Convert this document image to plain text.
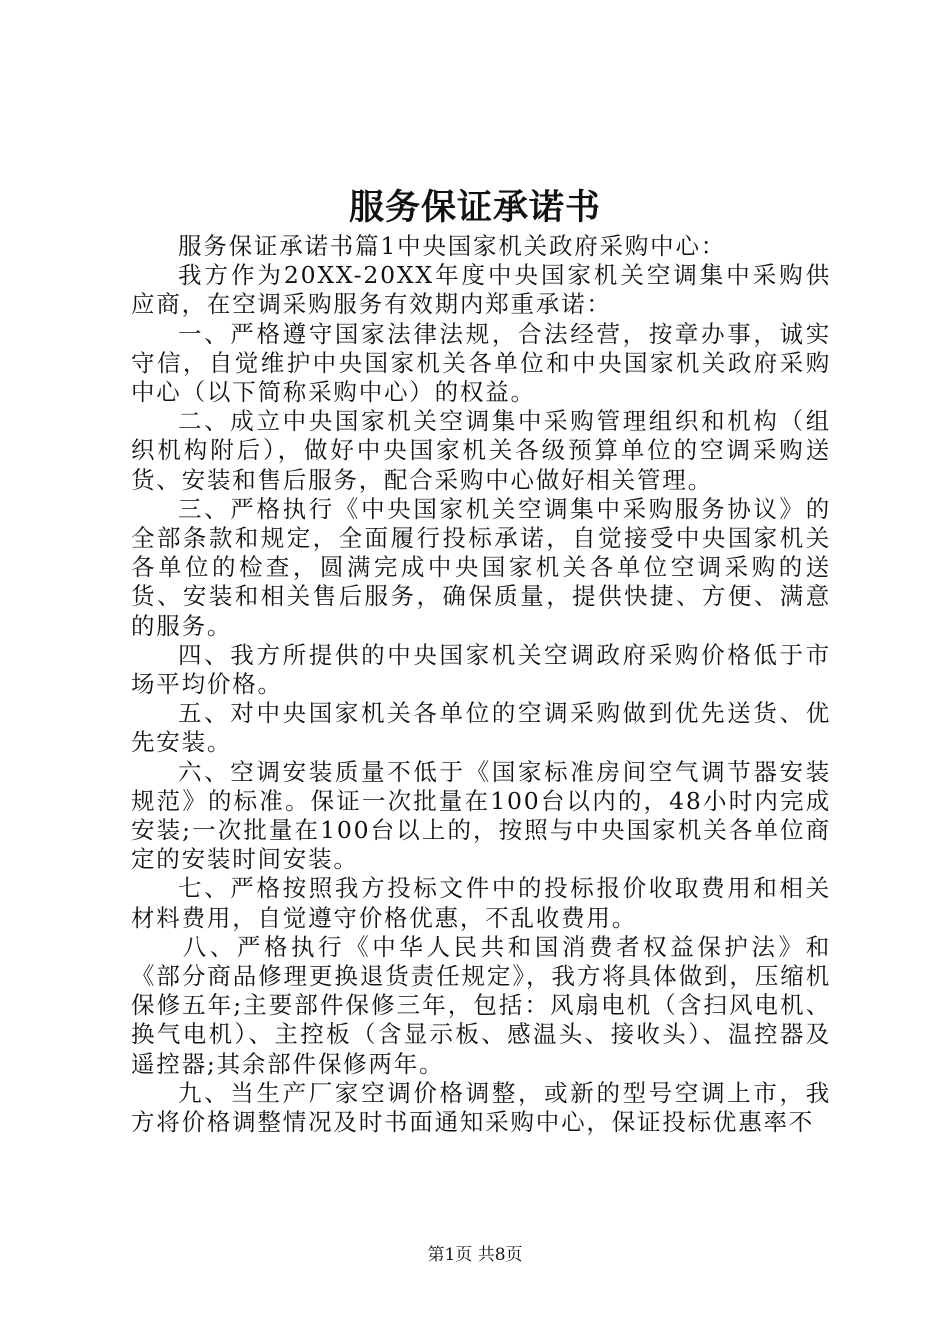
服务保证承诺书

服务保证承诺书篇1中央国家机关政府采购中心：

我方作为20XX-20XX年度中央国家机关空调集中采购供应商，在空调采购服务有效期内郑重承诺：

一、严格遵守国家法律法规，合法经营，按章办事，诚实守信，自觉维护中央国家机关各单位和中央国家机关政府采购中心（以下简称采购中心）的权益。

二、成立中央国家机关空调集中采购管理组织和机构（组织机构附后），做好中央国家机关各级预算单位的空调采购送货、安装和售后服务，配合采购中心做好相关管理。

三、严格执行《中央国家机关空调集中采购服务协议》的全部条款和规定，全面履行投标承诺，自觉接受中央国家机关各单位的检查，圆满完成中央国家机关各单位空调采购的送货、安装和相关售后服务，确保质量，提供快捷、方便、满意的服务。

四、我方所提供的中央国家机关空调政府采购价格低于市场平均价格。

五、对中央国家机关各单位的空调采购做到优先送货、优先安装。

六、空调安装质量不低于《国家标准房间空气调节器安装规范》的标准。保证一次批量在100台以内的，48小时内完成安装;一次批量在100台以上的，按照与中央国家机关各单位商定的安装时间安装。

七、严格按照我方投标文件中的投标报价收取费用和相关材料费用，自觉遵守价格优惠，不乱收费用。

八、严格执行《中华人民共和国消费者权益保护法》和《部分商品修理更换退货责任规定》，我方将具体做到，压缩机保修五年;主要部件保修三年，包括：风扇电机（含扫风电机、换气电机）、主控板（含显示板、感温头、接收头）、温控器及遥控器;其余部件保修两年。

九、当生产厂家空调价格调整，或新的型号空调上市，我方将价格调整情况及时书面通知采购中心，保证投标优惠率不

第1页 共8页
